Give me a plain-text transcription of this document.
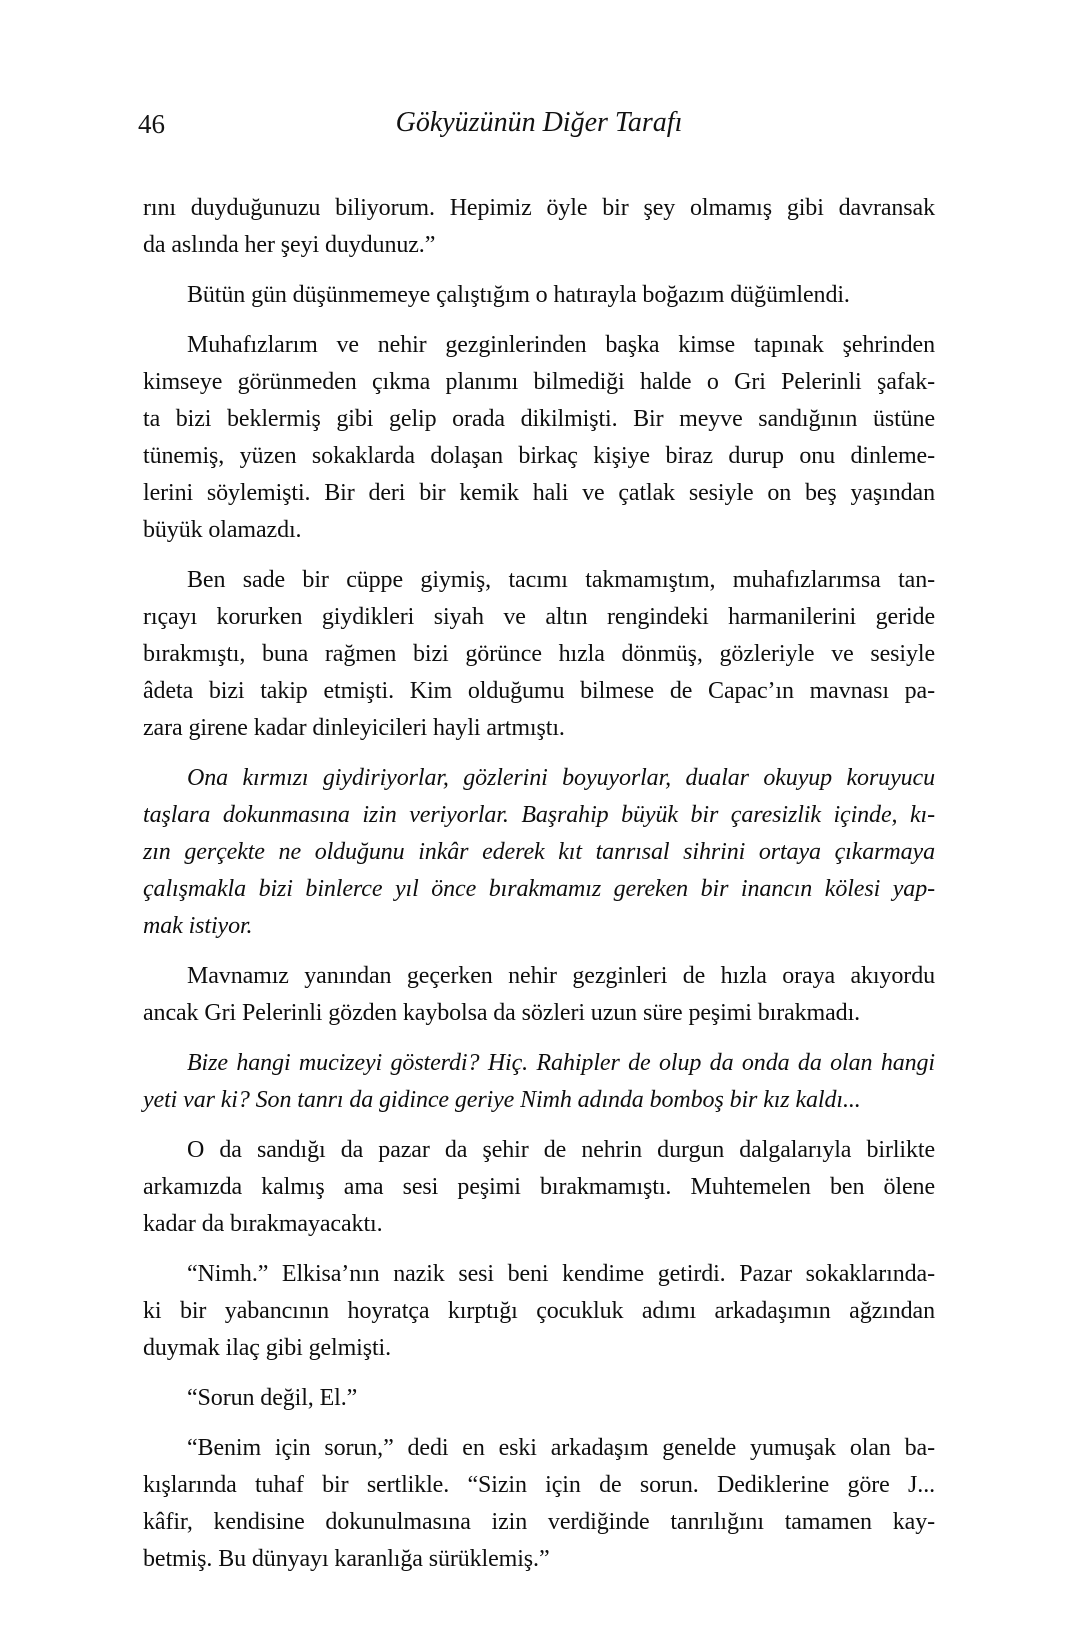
46	Gökyüzünün Diğer Tarafı
rını duyduğunuzu biliyorum. Hepimiz öyle bir şey olmamış gibi davransak
da aslında her şeyi duydunuz.”
Bütün gün düşünmemeye çalıştığım o hatırayla boğazım düğümlendi.
Muhafızlarım ve nehir gezginlerinden başka kimse tapınak şehrinden
kimseye görünmeden çıkma planımı bilmediği halde o Gri Pelerinli şafak-
ta bizi beklermiş gibi gelip orada dikilmişti. Bir meyve sandığının üstüne
tünemiş, yüzen sokaklarda dolaşan birkaç kişiye biraz durup onu dinleme-
lerini söylemişti. Bir deri bir kemik hali ve çatlak sesiyle on beş yaşından
büyük olamazdı.
Ben sade bir cüppe giymiş, tacımı takmamıştım, muhafızlarımsa tan-
rıçayı korurken giydikleri siyah ve altın rengindeki harmanilerini geride
bırakmıştı, buna rağmen bizi görünce hızla dönmüş, gözleriyle ve sesiyle
âdeta bizi takip etmişti. Kim olduğumu bilmese de Capac’ın mavnası pa-
zara girene kadar dinleyicileri hayli artmıştı.
Ona kırmızı giydiriyorlar, gözlerini boyuyorlar, dualar okuyup koruyucu
taşlara dokunmasına izin veriyorlar. Başrahip büyük bir çaresizlik içinde, kı-
zın gerçekte ne olduğunu inkâr ederek kıt tanrısal sihrini ortaya çıkarmaya
çalışmakla bizi binlerce yıl önce bırakmamız gereken bir inancın kölesi yap-
mak istiyor.
Mavnamız yanından geçerken nehir gezginleri de hızla oraya akıyordu
ancak Gri Pelerinli gözden kaybolsa da sözleri uzun süre peşimi bırakmadı.
Bize hangi mucizeyi gösterdi? Hiç. Rahipler de olup da onda da olan hangi
yeti var ki? Son tanrı da gidince geriye Nimh adında bomboş bir kız kaldı...
O da sandığı da pazar da şehir de nehrin durgun dalgalarıyla birlikte
arkamızda kalmış ama sesi peşimi bırakmamıştı. Muhtemelen ben ölene
kadar da bırakmayacaktı.
“Nimh.” Elkisa’nın nazik sesi beni kendime getirdi. Pazar sokaklarında-
ki bir yabancının hoyratça kırptığı çocukluk adımı arkadaşımın ağzından
duymak ilaç gibi gelmişti.
“Sorun değil, El.”
“Benim için sorun,” dedi en eski arkadaşım genelde yumuşak olan ba-
kışlarında tuhaf bir sertlikle. “Sizin için de sorun. Dediklerine göre J...
kâfir, kendisine dokunulmasına izin verdiğinde tanrılığını tamamen kay-
betmiş. Bu dünyayı karanlığa sürüklemiş.”
